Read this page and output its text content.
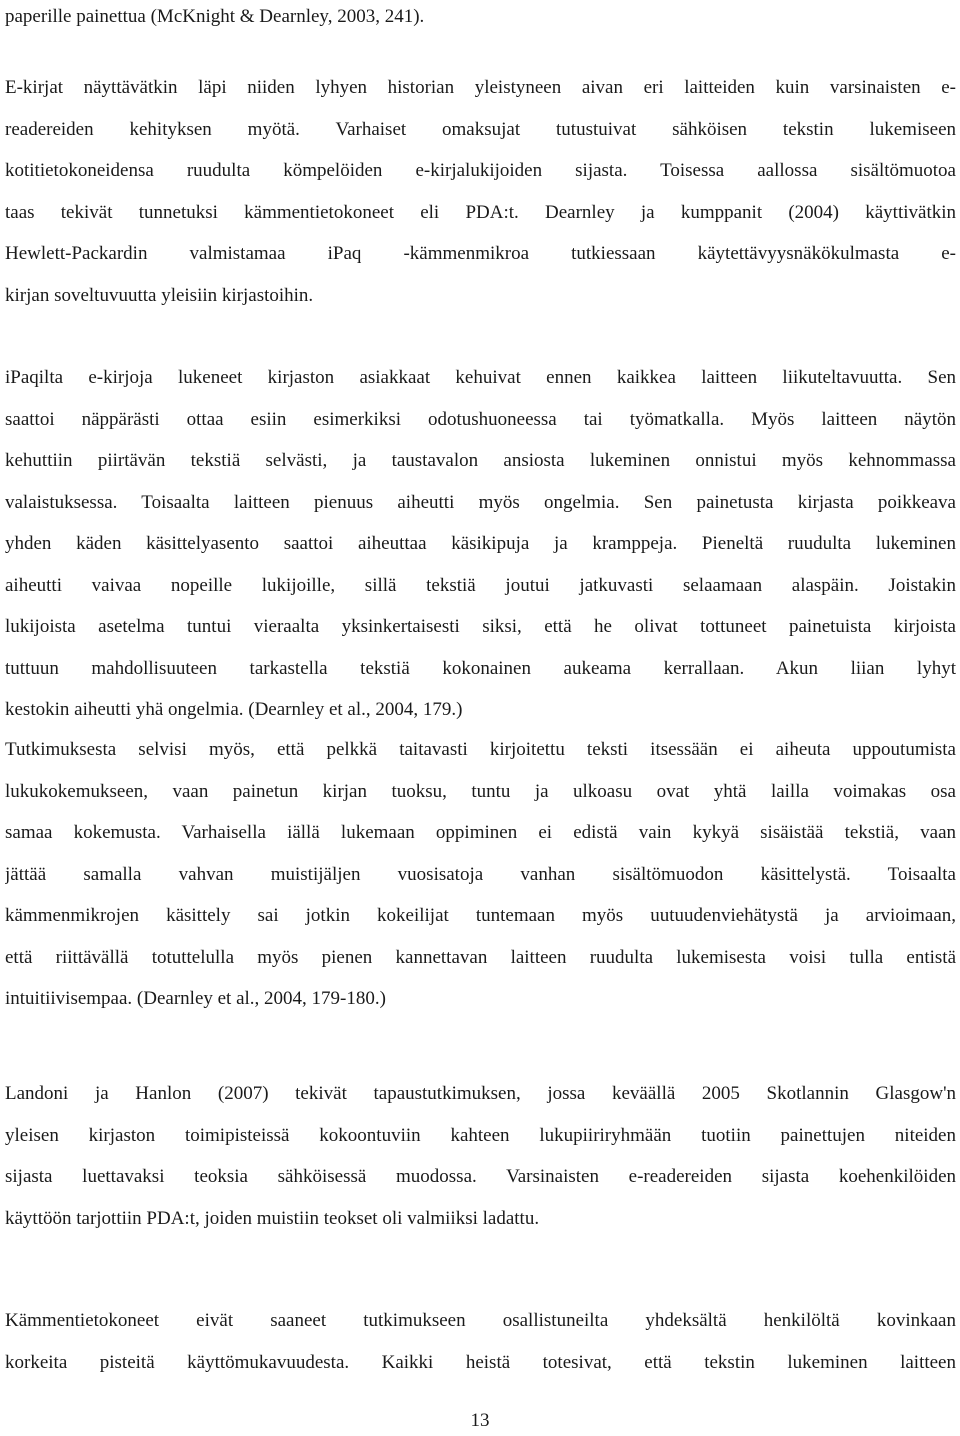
paperille painettua (McKnight & Dearnley, 2003, 241).
E-kirjat näyttävätkin läpi niiden lyhyen historian yleistyneen aivan eri laitteiden kuin varsinaisten e-
readereiden kehityksen myötä. Varhaiset omaksujat tutustuivat sähköisen tekstin lukemiseen
kotitietokoneidensa ruudulta kömpelöiden e-kirjalukijoiden sijasta. Toisessa aallossa sisältömuotoa
taas tekivät tunnetuksi kämmentietokoneet eli PDA:t. Dearnley ja kumppanit (2004) käyttivätkin
Hewlett-Packardin valmistamaa iPaq -kämmenmikroa tutkiessaan käytettävyysnäkökulmasta e-
kirjan soveltuvuutta yleisiin kirjastoihin.
iPaqilta e-kirjoja lukeneet kirjaston asiakkaat kehuivat ennen kaikkea laitteen liikuteltavuutta. Sen
saattoi näppärästi ottaa esiin esimerkiksi odotushuoneessa tai työmatkalla. Myös laitteen näytön
kehuttiin piirtävän tekstiä selvästi, ja taustavalon ansiosta lukeminen onnistui myös kehnommassa
valaistuksessa. Toisaalta laitteen pienuus aiheutti myös ongelmia. Sen painetusta kirjasta poikkeava
yhden käden käsittelyasento saattoi aiheuttaa käsikipuja ja kramppeja. Pieneltä ruudulta lukeminen
aiheutti vaivaa nopeille lukijoille, sillä tekstiä joutui jatkuvasti selaamaan alaspäin. Joistakin
lukijoista asetelma tuntui vieraalta yksinkertaisesti siksi, että he olivat tottuneet painetuista kirjoista
tuttuun mahdollisuuteen tarkastella tekstiä kokonainen aukeama kerrallaan. Akun liian lyhyt
kestokin aiheutti yhä ongelmia. (Dearnley et al., 2004, 179.)
Tutkimuksesta selvisi myös, että pelkkä taitavasti kirjoitettu teksti itsessään ei aiheuta uppoutumista
lukukokemukseen, vaan painetun kirjan tuoksu, tuntu ja ulkoasu ovat yhtä lailla voimakas osa
samaa kokemusta. Varhaisella iällä lukemaan oppiminen ei edistä vain kykyä sisäistää tekstiä, vaan
jättää samalla vahvan muistijäljen vuosisatoja vanhan sisältömuodon käsittelystä. Toisaalta
kämmenmikrojen käsittely sai jotkin kokeilijat tuntemaan myös uutuudenviehätystä ja arvioimaan,
että riittävällä totuttelulla myös pienen kannettavan laitteen ruudulta lukemisesta voisi tulla entistä
intuitiivisempaa. (Dearnley et al., 2004, 179-180.)
Landoni ja Hanlon (2007) tekivät tapaustutkimuksen, jossa keväällä 2005 Skotlannin Glasgow'n
yleisen kirjaston toimipisteissä kokoontuviin kahteen lukupiiriryhmään tuotiin painettujen niteiden
sijasta luettavaksi teoksia sähköisessä muodossa. Varsinaisten e-readereiden sijasta koehenkilöiden
käyttöön tarjottiin PDA:t, joiden muistiin teokset oli valmiiksi ladattu.
Kämmentietokoneet eivät saaneet tutkimukseen osallistuneilta yhdeksältä henkilöltä kovinkaan
korkeita pisteitä käyttömukavuudesta. Kaikki heistä totesivat, että tekstin lukeminen laitteen
13
